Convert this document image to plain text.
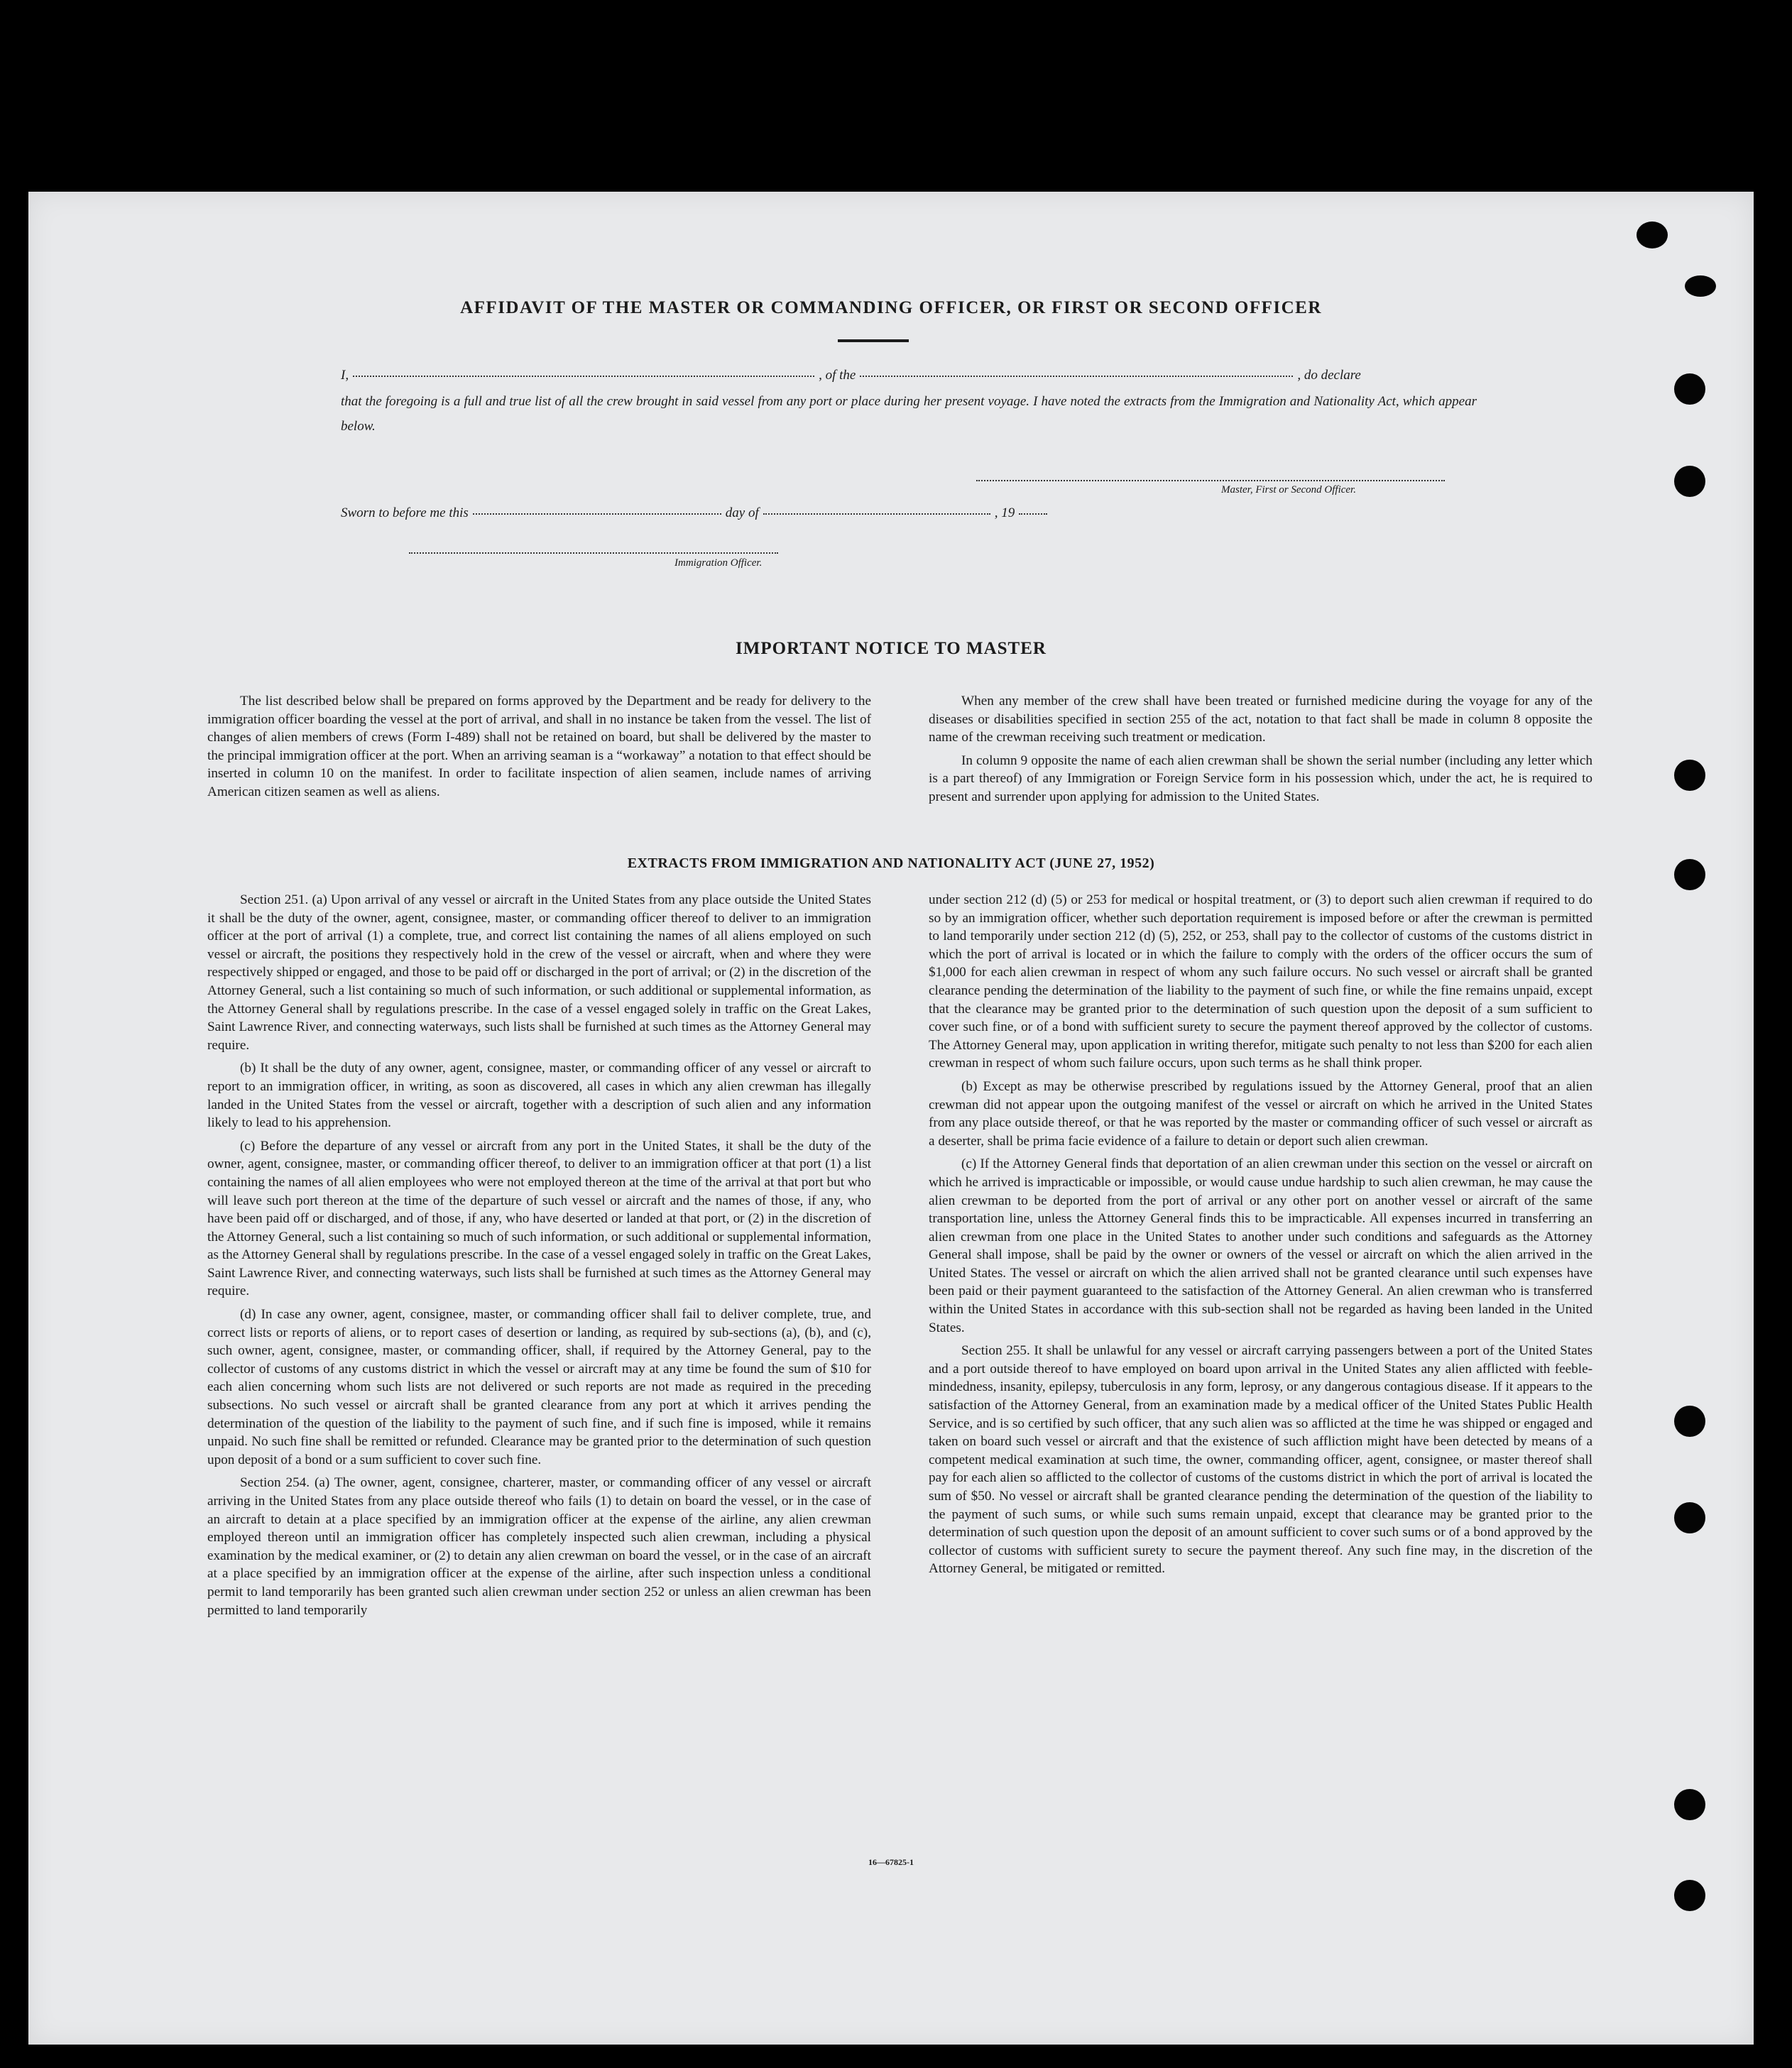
AFFIDAVIT OF THE MASTER OR COMMANDING OFFICER, OR FIRST OR SECOND OFFICER
I,	, of the	, do declare
that the foregoing is a full and true list of all the crew brought in said vessel from any port or place during her present voyage. I have noted the extracts from the Immigration and Nationality Act, which appear below.
Master, First or Second Officer.
Sworn to before me this	day of	, 19
Immigration Officer.
IMPORTANT NOTICE TO MASTER

The list described below shall be prepared on forms approved by the Department and be ready for delivery to the immigration officer boarding the vessel at the port of arrival, and shall in no instance be taken from the vessel. The list of changes of alien members of crews (Form I-489) shall not be retained on board, but shall be delivered by the master to the principal immigration officer at the port. When an arriving seaman is a “workaway” a notation to that effect should be inserted in column 10 on the manifest. In order to facilitate inspection of alien seamen, include names of arriving American citizen seamen as well as aliens.

When any member of the crew shall have been treated or furnished medicine during the voyage for any of the diseases or disabilities specified in section 255 of the act, notation to that fact shall be made in column 8 opposite the name of the crewman receiving such treatment or medication.

In column 9 opposite the name of each alien crewman shall be shown the serial number (including any letter which is a part thereof) of any Immigration or Foreign Service form in his possession which, under the act, he is required to present and surrender upon applying for admission to the United States.

EXTRACTS FROM IMMIGRATION AND NATIONALITY ACT (JUNE 27, 1952)

Section 251. (a) Upon arrival of any vessel or aircraft in the United States from any place outside the United States it shall be the duty of the owner, agent, consignee, master, or commanding officer thereof to deliver to an immigration officer at the port of arrival (1) a complete, true, and correct list containing the names of all aliens employed on such vessel or aircraft, the positions they respectively hold in the crew of the vessel or aircraft, when and where they were respectively shipped or engaged, and those to be paid off or discharged in the port of arrival; or (2) in the discretion of the Attorney General, such a list containing so much of such information, or such additional or supplemental information, as the Attorney General shall by regulations prescribe. In the case of a vessel engaged solely in traffic on the Great Lakes, Saint Lawrence River, and connecting waterways, such lists shall be furnished at such times as the Attorney General may require.

(b) It shall be the duty of any owner, agent, consignee, master, or commanding officer of any vessel or aircraft to report to an immigration officer, in writing, as soon as discovered, all cases in which any alien crewman has illegally landed in the United States from the vessel or aircraft, together with a description of such alien and any information likely to lead to his apprehension.

(c) Before the departure of any vessel or aircraft from any port in the United States, it shall be the duty of the owner, agent, consignee, master, or commanding officer thereof, to deliver to an immigration officer at that port (1) a list containing the names of all alien employees who were not employed thereon at the time of the arrival at that port but who will leave such port thereon at the time of the departure of such vessel or aircraft and the names of those, if any, who have been paid off or discharged, and of those, if any, who have deserted or landed at that port, or (2) in the discretion of the Attorney General, such a list containing so much of such information, or such additional or supplemental information, as the Attorney General shall by regulations prescribe. In the case of a vessel engaged solely in traffic on the Great Lakes, Saint Lawrence River, and connecting waterways, such lists shall be furnished at such times as the Attorney General may require.

(d) In case any owner, agent, consignee, master, or commanding officer shall fail to deliver complete, true, and correct lists or reports of aliens, or to report cases of desertion or landing, as required by sub-sections (a), (b), and (c), such owner, agent, consignee, master, or commanding officer, shall, if required by the Attorney General, pay to the collector of customs of any customs district in which the vessel or aircraft may at any time be found the sum of $10 for each alien concerning whom such lists are not delivered or such reports are not made as required in the preceding subsections. No such vessel or aircraft shall be granted clearance from any port at which it arrives pending the determination of the question of the liability to the payment of such fine, and if such fine is imposed, while it remains unpaid. No such fine shall be remitted or refunded. Clearance may be granted prior to the determination of such question upon deposit of a bond or a sum sufficient to cover such fine.

Section 254. (a) The owner, agent, consignee, charterer, master, or commanding officer of any vessel or aircraft arriving in the United States from any place outside thereof who fails (1) to detain on board the vessel, or in the case of an aircraft to detain at a place specified by an immigration officer at the expense of the airline, any alien crewman employed thereon until an immigration officer has completely inspected such alien crewman, including a physical examination by the medical examiner, or (2) to detain any alien crewman on board the vessel, or in the case of an aircraft at a place specified by an immigration officer at the expense of the airline, after such inspection unless a conditional permit to land temporarily has been granted such alien crewman under section 252 or unless an alien crewman has been permitted to land temporarily

under section 212 (d) (5) or 253 for medical or hospital treatment, or (3) to deport such alien crewman if required to do so by an immigration officer, whether such deportation requirement is imposed before or after the crewman is permitted to land temporarily under section 212 (d) (5), 252, or 253, shall pay to the collector of customs of the customs district in which the port of arrival is located or in which the failure to comply with the orders of the officer occurs the sum of $1,000 for each alien crewman in respect of whom any such failure occurs. No such vessel or aircraft shall be granted clearance pending the determination of the liability to the payment of such fine, or while the fine remains unpaid, except that the clearance may be granted prior to the determination of such question upon the deposit of a sum sufficient to cover such fine, or of a bond with sufficient surety to secure the payment thereof approved by the collector of customs. The Attorney General may, upon application in writing therefor, mitigate such penalty to not less than $200 for each alien crewman in respect of whom such failure occurs, upon such terms as he shall think proper.

(b) Except as may be otherwise prescribed by regulations issued by the Attorney General, proof that an alien crewman did not appear upon the outgoing manifest of the vessel or aircraft on which he arrived in the United States from any place outside thereof, or that he was reported by the master or commanding officer of such vessel or aircraft as a deserter, shall be prima facie evidence of a failure to detain or deport such alien crewman.

(c) If the Attorney General finds that deportation of an alien crewman under this section on the vessel or aircraft on which he arrived is impracticable or impossible, or would cause undue hardship to such alien crewman, he may cause the alien crewman to be deported from the port of arrival or any other port on another vessel or aircraft of the same transportation line, unless the Attorney General finds this to be impracticable. All expenses incurred in transferring an alien crewman from one place in the United States to another under such conditions and safeguards as the Attorney General shall impose, shall be paid by the owner or owners of the vessel or aircraft on which the alien arrived in the United States. The vessel or aircraft on which the alien arrived shall not be granted clearance until such expenses have been paid or their payment guaranteed to the satisfaction of the Attorney General. An alien crewman who is transferred within the United States in accordance with this sub-section shall not be regarded as having been landed in the United States.

Section 255. It shall be unlawful for any vessel or aircraft carrying passengers between a port of the United States and a port outside thereof to have employed on board upon arrival in the United States any alien afflicted with feeble-mindedness, insanity, epilepsy, tuberculosis in any form, leprosy, or any dangerous contagious disease. If it appears to the satisfaction of the Attorney General, from an examination made by a medical officer of the United States Public Health Service, and is so certified by such officer, that any such alien was so afflicted at the time he was shipped or engaged and taken on board such vessel or aircraft and that the existence of such affliction might have been detected by means of a competent medical examination at such time, the owner, commanding officer, agent, consignee, or master thereof shall pay for each alien so afflicted to the collector of customs of the customs district in which the port of arrival is located the sum of $50. No vessel or aircraft shall be granted clearance pending the determination of the question of the liability to the payment of such sums, or while such sums remain unpaid, except that clearance may be granted prior to the determination of such question upon the deposit of an amount sufficient to cover such sums or of a bond approved by the collector of customs with sufficient surety to secure the payment thereof. Any such fine may, in the discretion of the Attorney General, be mitigated or remitted.

16—67825-1
